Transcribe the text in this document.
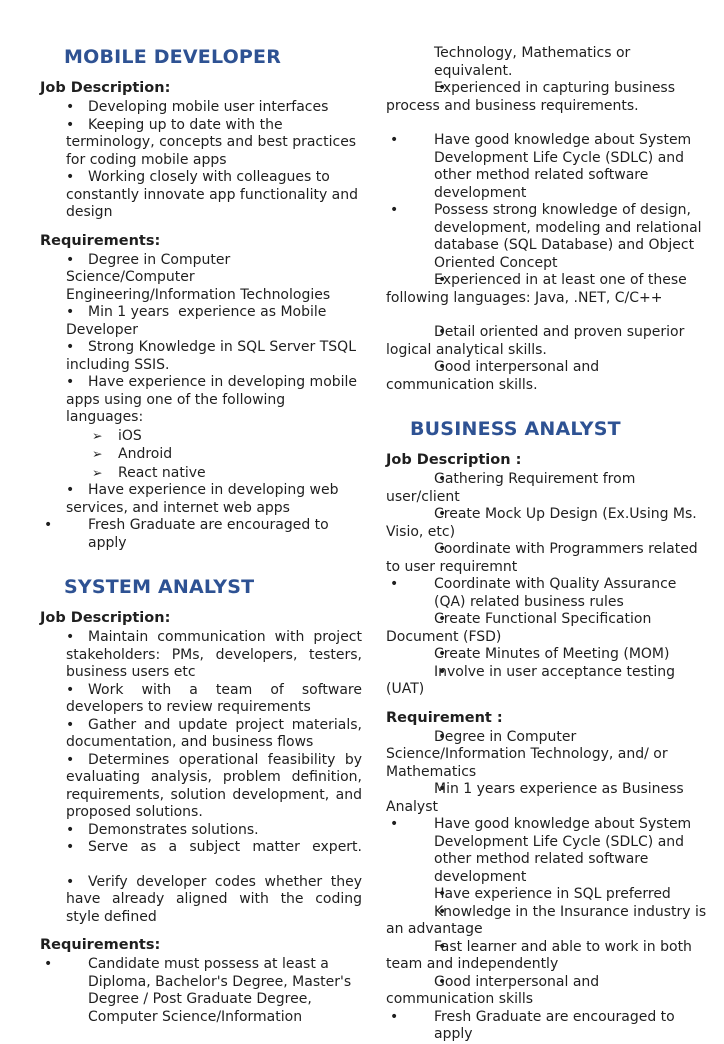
MOBILE DEVELOPER

Job Description:

• Developing mobile user interfaces

• Keeping up to date with the terminology, concepts and best practices for coding mobile apps

• Working closely with colleagues to constantly innovate app functionality and design

Requirements:

• Degree in Computer Science/Computer Engineering/Information Technologies

• Min 1 years  experience as Mobile Developer

• Strong Knowledge in SQL Server TSQL including SSIS.

• Have experience in developing mobile apps using one of the following languages:

➢ iOS

➢ Android

➢ React native

• Have experience in developing web services, and internet web apps

• Fresh Graduate are encouraged to apply

SYSTEM ANALYST

Job Description:

• Maintain communication with project stakeholders: PMs, developers, testers, business users etc

• Work with a team of software developers to review requirements

• Gather and update project materials, documentation, and business flows

• Determines operational feasibility by evaluating analysis, problem definition, requirements, solution development, and proposed solutions.

• Demonstrates solutions.

• Serve as a subject matter expert.

• Verify developer codes whether they have already aligned with the coding style defined

Requirements:

• Candidate must possess at least a Diploma, Bachelor's Degree, Master's Degree / Post Graduate Degree, Computer Science/Information

Technology, Mathematics or equivalent.

• Experienced in capturing business process and business requirements.

• Have good knowledge about System Development Life Cycle (SDLC) and other method related software development

• Possess strong knowledge of design, development, modeling and relational database (SQL Database) and Object Oriented Concept

• Experienced in at least one of these following languages: Java, .NET, C/C++

• Detail oriented and proven superior logical analytical skills.

• Good interpersonal and communication skills.

BUSINESS ANALYST

Job Description :

• Gathering Requirement from user/client

• Create Mock Up Design (Ex.Using Ms. Visio, etc)

• Coordinate with Programmers related to user requiremnt

• Coordinate with Quality Assurance (QA) related business rules

• Create Functional Specification Document (FSD)

• Create Minutes of Meeting (MOM)

• Involve in user acceptance testing (UAT)

Requirement :

• Degree in Computer Science/Information Technology, and/ or Mathematics

• Min 1 years experience as Business Analyst

• Have good knowledge about System Development Life Cycle (SDLC) and other method related software development

• Have experience in SQL preferred

• Knowledge in the Insurance industry is an advantage

• Fast learner and able to work in both team and independently

• Good interpersonal and communication skills

• Fresh Graduate are encouraged to apply
